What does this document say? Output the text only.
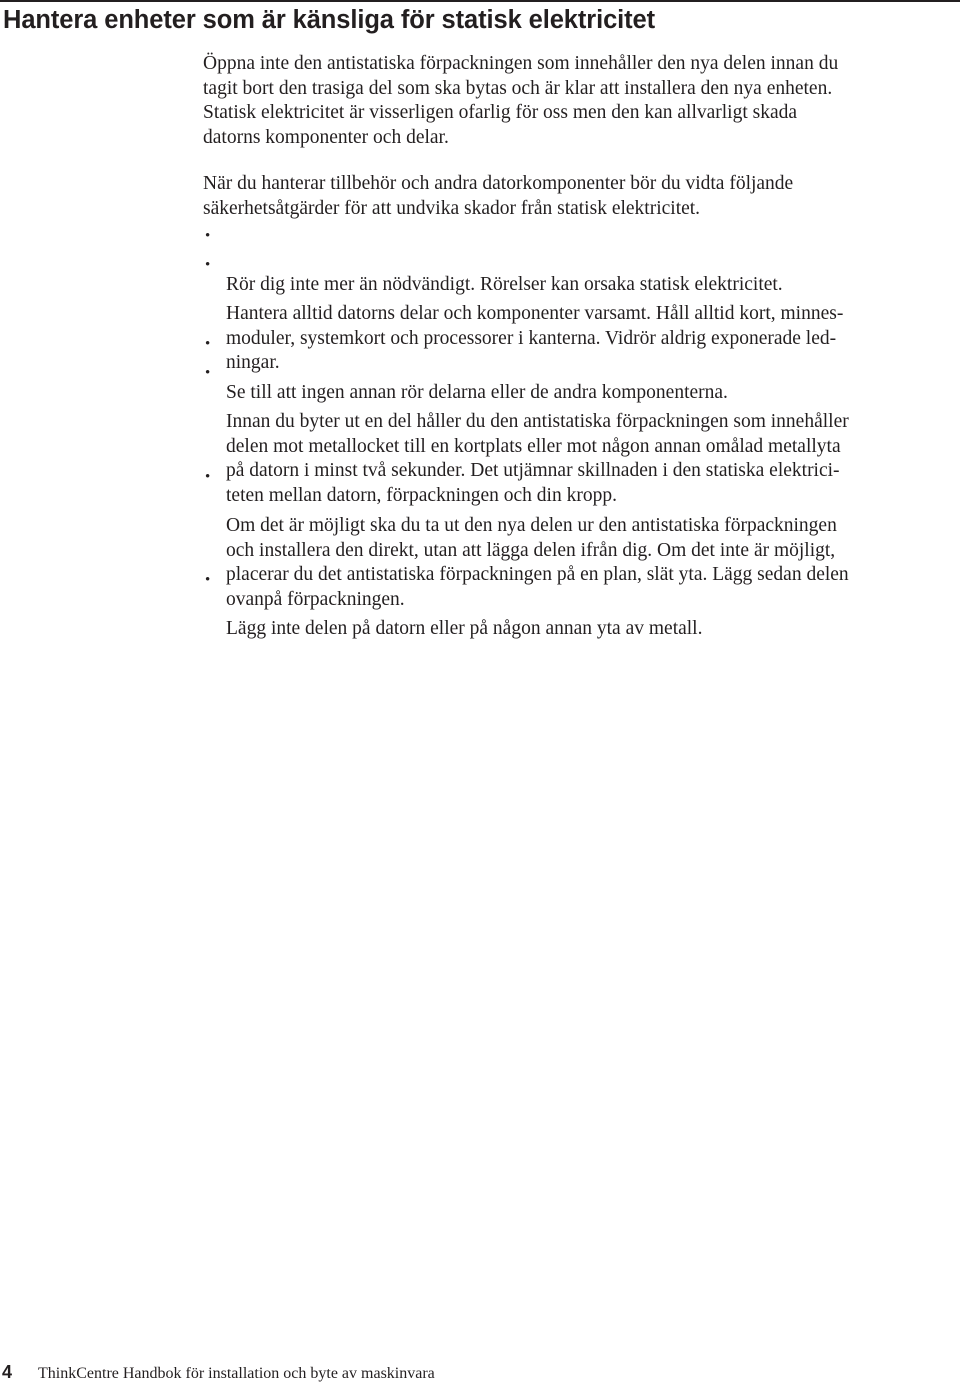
Hantera enheter som är känsliga för statisk elektricitet

Öppna inte den antistatiska förpackningen som innehåller den nya delen innan du
tagit bort den trasiga del som ska bytas och är klar att installera den nya enheten.
Statisk elektricitet är visserligen ofarlig för oss men den kan allvarligt skada
datorns komponenter och delar.

När du hanterar tillbehör och andra datorkomponenter bör du vidta följande
säkerhetsåtgärder för att undvika skador från statisk elektricitet.

•

Rör dig inte mer än nödvändigt. Rörelser kan orsaka statisk elektricitet.

•

Hantera alltid datorns delar och komponenter varsamt. Håll alltid kort, minnes-
moduler, systemkort och processorer i kanterna. Vidrör aldrig exponerade led-
ningar.

•

Se till att ingen annan rör delarna eller de andra komponenterna.

•

Innan du byter ut en del håller du den antistatiska förpackningen som innehåller
delen mot metallocket till en kortplats eller mot någon annan omålad metallyta
på datorn i minst två sekunder. Det utjämnar skillnaden i den statiska elektrici-
teten mellan datorn, förpackningen och din kropp.

•

Om det är möjligt ska du ta ut den nya delen ur den antistatiska förpackningen
och installera den direkt, utan att lägga delen ifrån dig. Om det inte är möjligt,
placerar du det antistatiska förpackningen på en plan, slät yta. Lägg sedan delen
ovanpå förpackningen.

•

Lägg inte delen på datorn eller på någon annan yta av metall.

4 ThinkCentre Handbok för installation och byte av maskinvara
